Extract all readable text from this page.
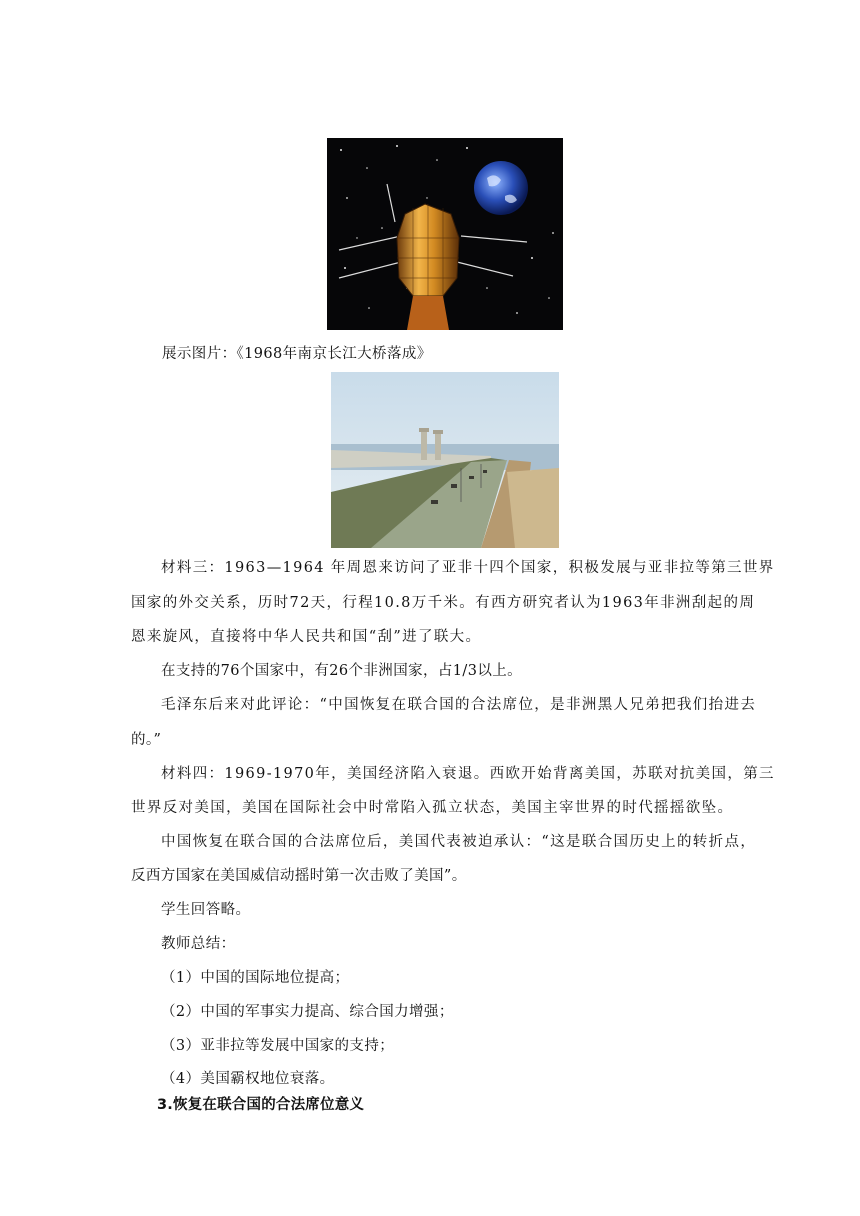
展示图片：《1968年南京长江大桥落成》
材料三：1963—1964 年周恩来访问了亚非十四个国家，积极发展与亚非拉等第三世界
国家的外交关系，历时72天，行程10.8万千米。有西方研究者认为1963年非洲刮起的周
恩来旋风，直接将中华人民共和国“刮”进了联大。
在支持的76个国家中，有26个非洲国家，占1/3以上。
毛泽东后来对此评论：“中国恢复在联合国的合法席位，是非洲黑人兄弟把我们抬进去
的。”
材料四：1969-1970年，美国经济陷入衰退。西欧开始背离美国，苏联对抗美国，第三
世界反对美国，美国在国际社会中时常陷入孤立状态，美国主宰世界的时代摇摇欲坠。
中国恢复在联合国的合法席位后，美国代表被迫承认：“这是联合国历史上的转折点，
反西方国家在美国威信动摇时第一次击败了美国”。
学生回答略。
教师总结：
（1）中国的国际地位提高；
（2）中国的军事实力提高、综合国力增强；
（3）亚非拉等发展中国家的支持；
（4）美国霸权地位衰落。
3.恢复在联合国的合法席位意义
